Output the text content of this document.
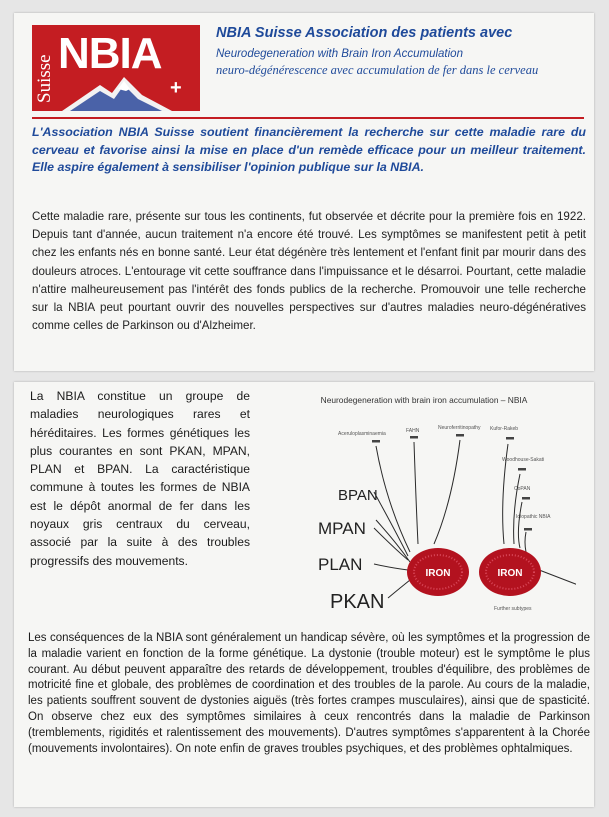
Suisse
NBIA
+
NBIA Suisse Association des patients avec
Neurodegeneration with Brain Iron Accumulation
neuro-dégénérescence avec accumulation de fer dans le cerveau

L'Association NBIA Suisse soutient financièrement la recherche sur cette maladie rare du cerveau et favorise ainsi la mise en place d'un remède efficace pour un meilleur traitement. Elle aspire également à sensibiliser l'opinion publique sur la NBIA.

Cette maladie rare, présente sur tous les continents, fut observée et décrite pour la première fois en 1922. Depuis tant d'année, aucun traitement n'a encore été trouvé. Les symptômes se manifestent petit à petit chez les enfants nés en bonne santé. Leur état dégénère très lentement et l'enfant finit par mourir dans des douleurs atroces. L'entourage vit cette souffrance dans l'impuissance et le désarroi. Pourtant, cette maladie n'attire malheureusement pas l'intérêt des fonds publics de la recherche. Promouvoir une telle recherche sur la NBIA peut pourtant ouvrir des nouvelles perspectives sur d'autres maladies neuro-dégénératives comme celles de Parkinson ou d'Alzheimer.

La NBIA constitue un groupe de maladies neurologiques rares et héréditaires. Les formes génétiques les plus courantes en sont PKAN, MPAN, PLAN et BPAN. La caractéristique commune à toutes les formes de NBIA est le dépôt anormal de fer dans les noyaux gris centraux du cerveau, associé par la suite à des troubles progressifs des mouvements.

Neurodegeneration with brain iron accumulation – NBIA
Aceruloplasminaemia	FAHN	Neuroferritinopathy Kufor-Rakeb
Woodhouse-Sakati
CoPAN
Idiopathic NBIA
Further subtypes
BPAN
MPAN
PLAN
PKAN
IRON	IRON

Les conséquences de la NBIA sont généralement un handicap sévère, où les symptômes et la progression de la maladie varient en fonction de la forme génétique. La dystonie (trouble moteur) est le symptôme le plus courant. Au début peuvent apparaître des retards de développement, troubles d'équilibre, des problèmes de motricité fine et globale, des problèmes de coordination et des troubles de la parole. Au cours de la maladie, les patients souffrent souvent de dystonies aiguës (très fortes crampes musculaires), ainsi que de spasticité. On observe chez eux des symptômes similaires à ceux rencontrés dans la maladie de Parkinson (tremblements, rigidités et ralentissement des mouvements). D'autres symptômes s'apparentent à la Chorée (mouvements involontaires). On note enfin de graves troubles psychiques, et des problèmes ophtalmiques.
